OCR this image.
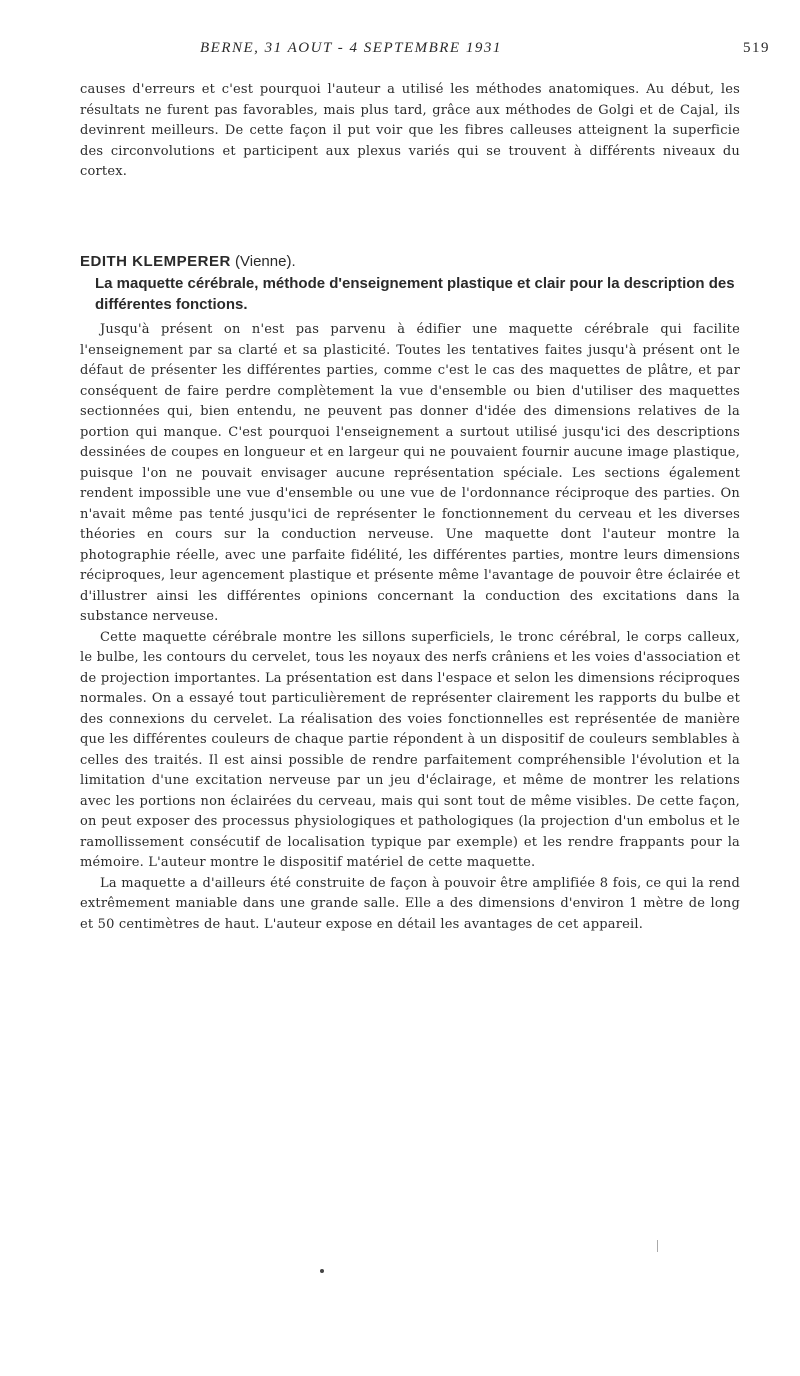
BERNE, 31 AOUT - 4 SEPTEMBRE 1931	519
causes d'erreurs et c'est pourquoi l'auteur a utilisé les méthodes anatomiques. Au début, les résultats ne furent pas favorables, mais plus tard, grâce aux méthodes de Golgi et de Cajal, ils devinrent meilleurs. De cette façon il put voir que les fibres calleuses atteignent la superficie des circonvolutions et participent aux plexus variés qui se trouvent à différents niveaux du cortex.
EDITH KLEMPERER (Vienne).
La maquette cérébrale, méthode d'enseignement plastique et clair pour la description des différentes fonctions.

Jusqu'à présent on n'est pas parvenu à édifier une maquette cérébrale qui facilite l'enseignement par sa clarté et sa plasticité. Toutes les tentatives faites jusqu'à présent ont le défaut de présenter les différentes parties, comme c'est le cas des maquettes de plâtre, et par conséquent de faire perdre complètement la vue d'ensemble ou bien d'utiliser des maquettes sectionnées qui, bien entendu, ne peuvent pas donner d'idée des dimensions relatives de la portion qui manque. C'est pourquoi l'enseignement a surtout utilisé jusqu'ici des descriptions dessinées de coupes en longueur et en largeur qui ne pouvaient fournir aucune image plastique, puisque l'on ne pouvait envisager aucune représentation spéciale. Les sections également rendent impossible une vue d'ensemble ou une vue de l'ordonnance réciproque des parties. On n'avait même pas tenté jusqu'ici de représenter le fonctionnement du cerveau et les diverses théories en cours sur la conduction nerveuse. Une maquette dont l'auteur montre la photographie réelle, avec une parfaite fidélité, les différentes parties, montre leurs dimensions réciproques, leur agencement plastique et présente même l'avantage de pouvoir être éclairée et d'illustrer ainsi les différentes opinions concernant la conduction des excitations dans la substance nerveuse.

Cette maquette cérébrale montre les sillons superficiels, le tronc cérébral, le corps calleux, le bulbe, les contours du cervelet, tous les noyaux des nerfs crâniens et les voies d'association et de projection importantes. La présentation est dans l'espace et selon les dimensions réciproques normales. On a essayé tout particulièrement de représenter clairement les rapports du bulbe et des connexions du cervelet. La réalisation des voies fonctionnelles est représentée de manière que les différentes couleurs de chaque partie répondent à un dispositif de couleurs semblables à celles des traités. Il est ainsi possible de rendre parfaitement compréhensible l'évolution et la limitation d'une excitation nerveuse par un jeu d'éclairage, et même de montrer les relations avec les portions non éclairées du cerveau, mais qui sont tout de même visibles. De cette façon, on peut exposer des processus physiologiques et pathologiques (la projection d'un embolus et le ramollissement consécutif de localisation typique par exemple) et les rendre frappants pour la mémoire. L'auteur montre le dispositif matériel de cette maquette.

La maquette a d'ailleurs été construite de façon à pouvoir être amplifiée 8 fois, ce qui la rend extrêmement maniable dans une grande salle. Elle a des dimensions d'environ 1 mètre de long et 50 centimètres de haut. L'auteur expose en détail les avantages de cet appareil.
